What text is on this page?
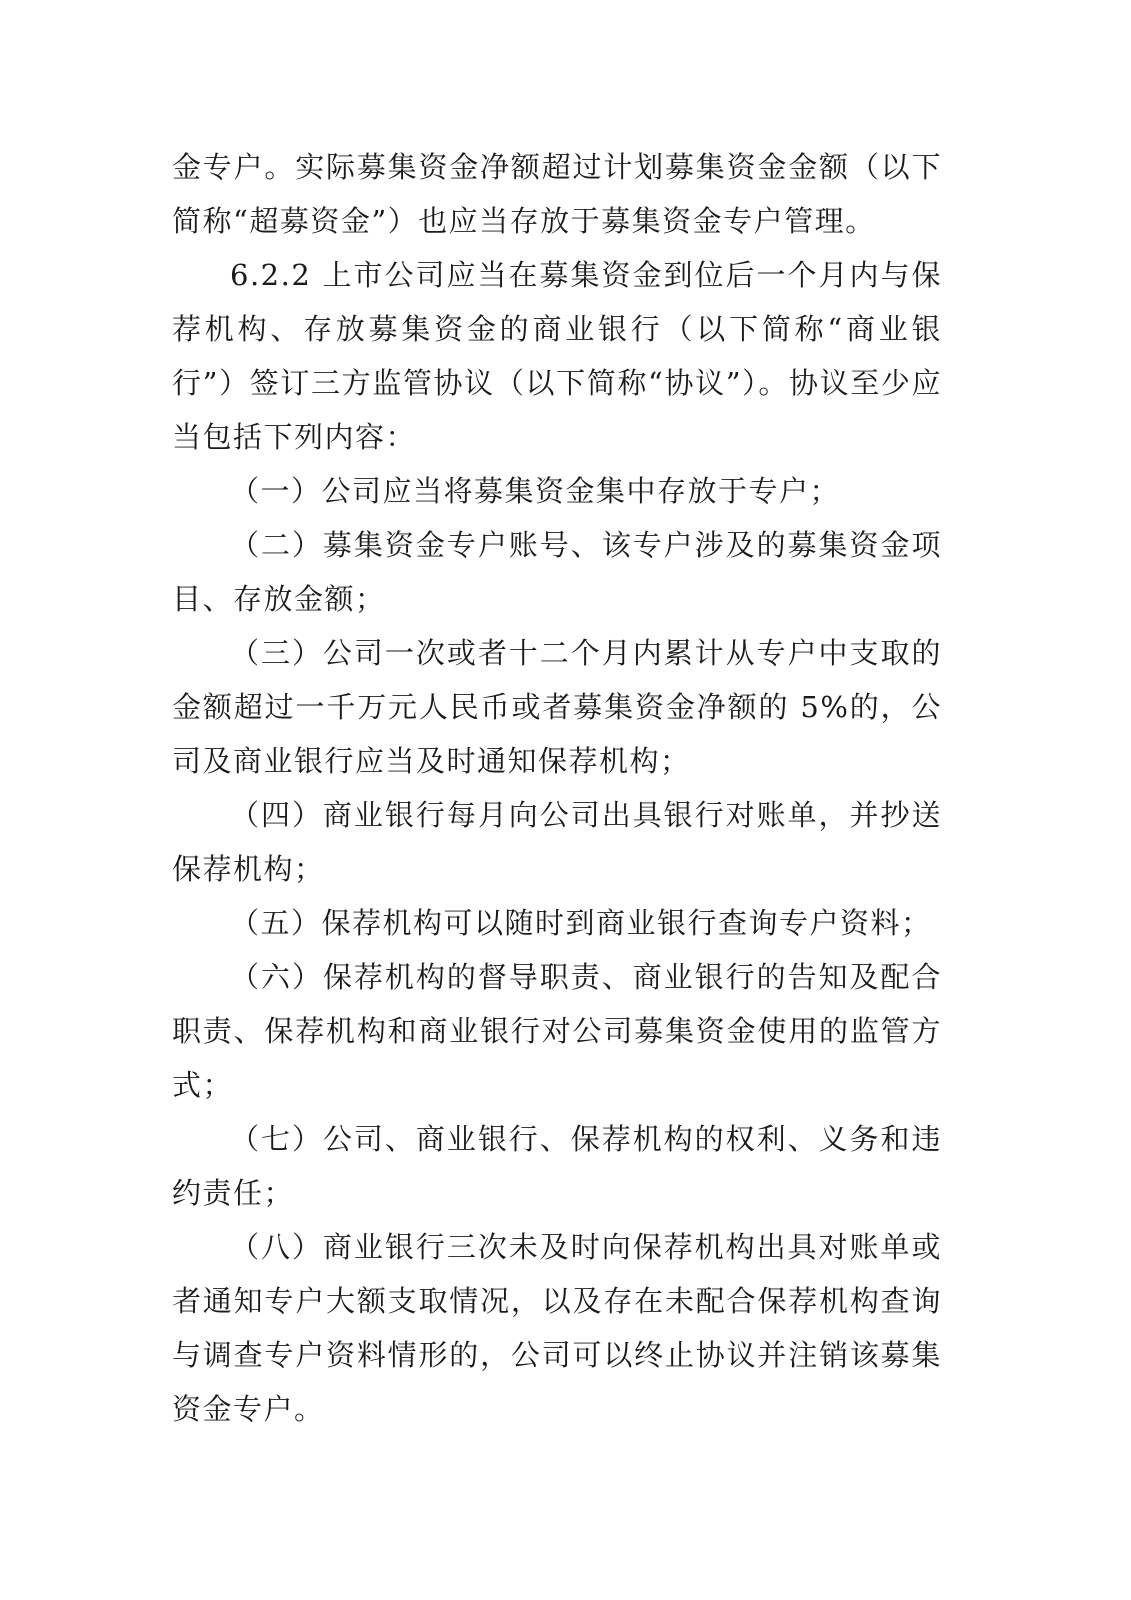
金专户。实际募集资金净额超过计划募集资金金额（以下简称“超募资金”）也应当存放于募集资金专户管理。

6.2.2 上市公司应当在募集资金到位后一个月内与保荐机构、存放募集资金的商业银行（以下简称“商业银行”）签订三方监管协议（以下简称“协议”）。协议至少应当包括下列内容：

（一）公司应当将募集资金集中存放于专户；

（二）募集资金专户账号、该专户涉及的募集资金项目、存放金额；

（三）公司一次或者十二个月内累计从专户中支取的金额超过一千万元人民币或者募集资金净额的 5%的，公司及商业银行应当及时通知保荐机构；

（四）商业银行每月向公司出具银行对账单，并抄送保荐机构；

（五）保荐机构可以随时到商业银行查询专户资料；

（六）保荐机构的督导职责、商业银行的告知及配合职责、保荐机构和商业银行对公司募集资金使用的监管方式；

（七）公司、商业银行、保荐机构的权利、义务和违约责任；

（八）商业银行三次未及时向保荐机构出具对账单或者通知专户大额支取情况，以及存在未配合保荐机构查询与调查专户资料情形的，公司可以终止协议并注销该募集资金专户。
